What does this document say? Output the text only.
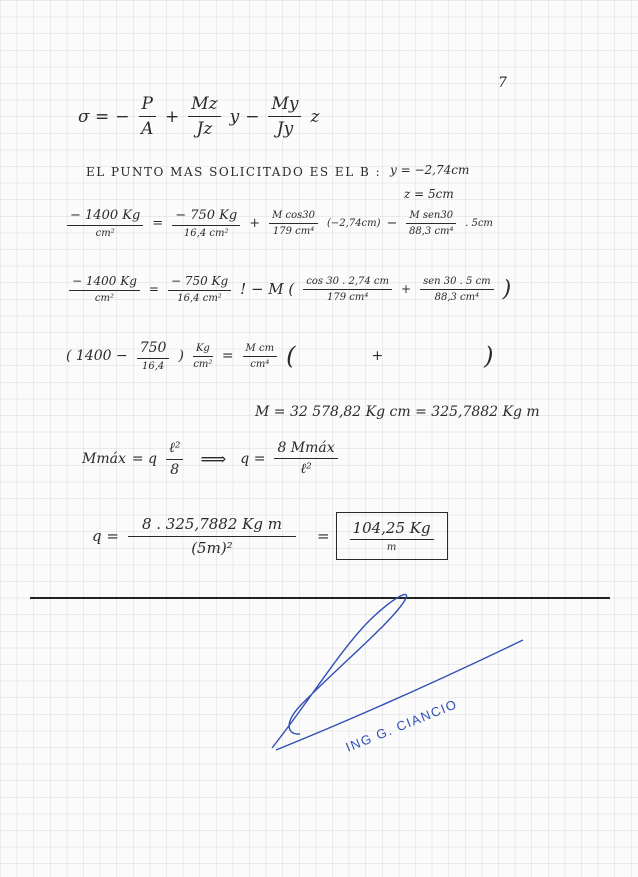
7
σ = − $\frac{P}{A} + \frac{Mz}{Jz}$ $y - \frac{My}{Jy}$ z
EL PUNTO MAS SOLICITADO ES EL B : y = −2,74cm
z = 5cm
$\frac{- 1400 Kg}{\text{cm²}} = \frac{- 750 Kg}{\text{16,4 cm²}} + \frac{\text{M cos30}}{\text{179 cm⁴}} (-2,74cm) - \frac{\text{M sen30}}{\text{88,3 cm⁴}}$ . 5cm
$\frac{- 1400 Kg}{\text{cm²}} = \frac{- 750 Kg}{\text{16,4 cm²}}$ ! − M ( $\frac{\cos 30 . 2,74 cm}{\text{179 cm⁴}} + \frac{\text{sen 30 . 5 cm}}{\text{88,3 cm⁴}}$ )
( $1400 - \frac{750}{16,4}$ ) $\frac{Kg}{\text{cm²}} = \frac{\text{M cm}}{\text{cm⁴}}$ (	+	)
M = 32 578,82 Kg cm = 325,7882 Kg m
Mmáx = q $\frac{\text{ℓ²}}{8}$ ⟹ $q = \frac{\text{8 Mmáx}}{\text{ℓ²}}$
$q = \frac{\text{8 . 325,7882 Kg m}}{\text{(5m)²}} = \frac{104,25 Kg}{m}$
ING G. CIANCIO
